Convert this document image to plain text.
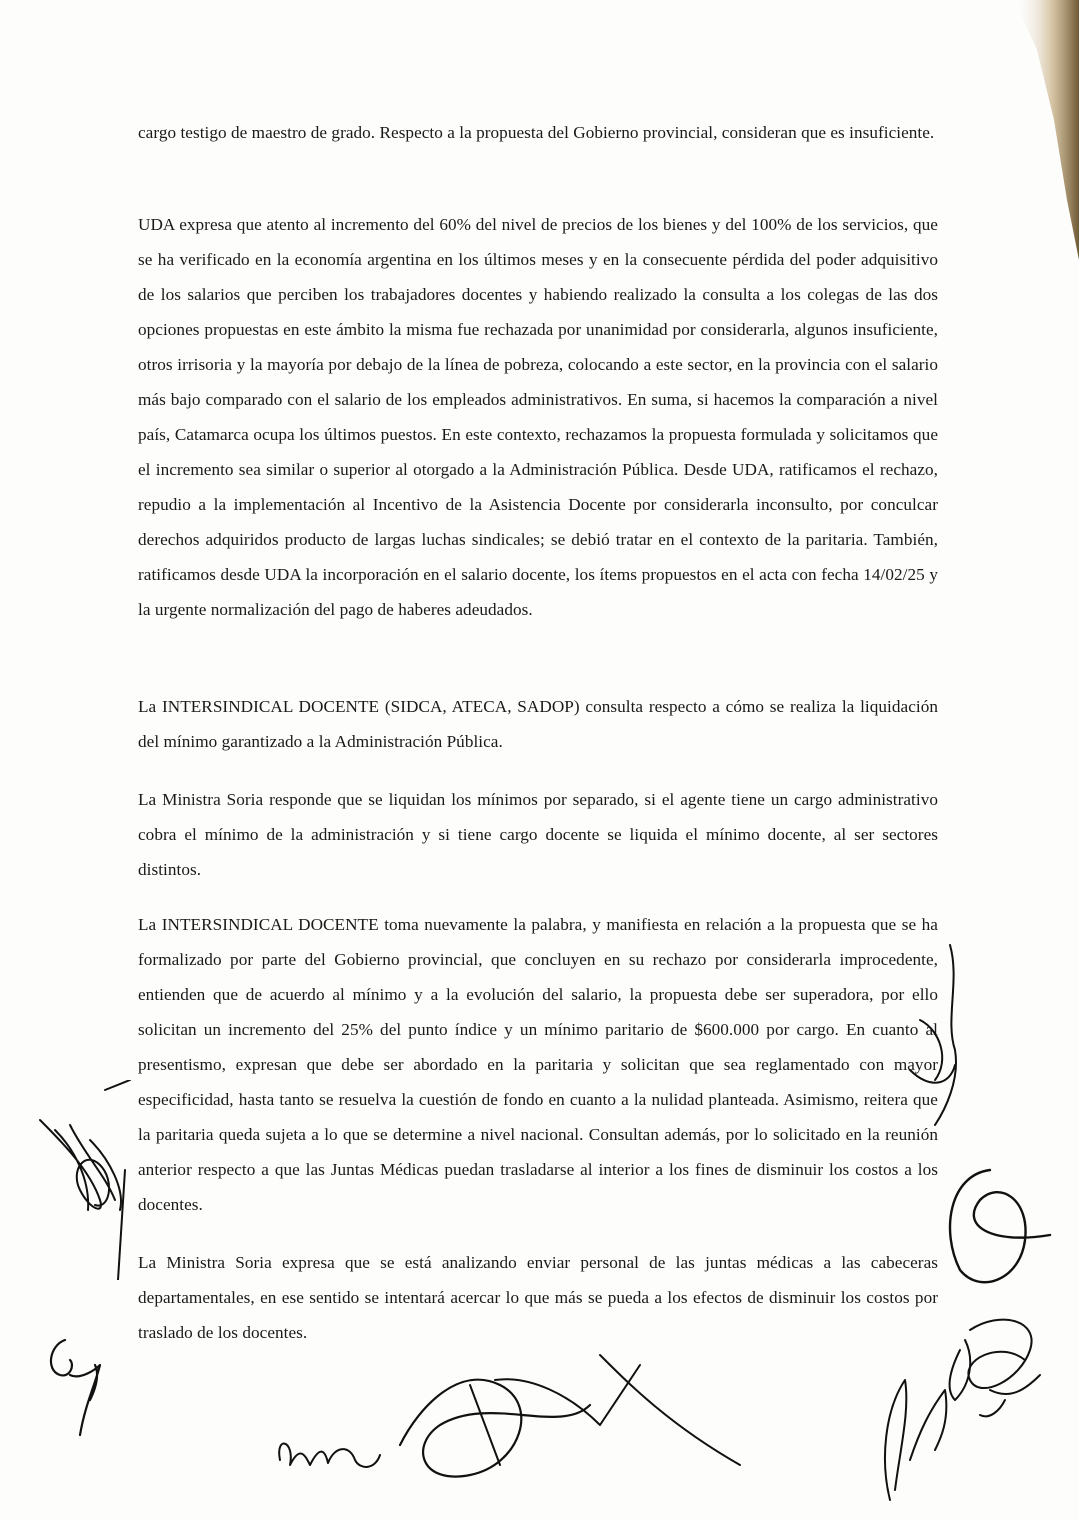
cargo testigo de maestro de grado. Respecto a la propuesta del Gobierno provincial, consideran que es insuficiente.
UDA expresa que atento al incremento del 60% del nivel de precios de los bienes y del 100% de los servicios, que se ha verificado en la economía argentina en los últimos meses y en la consecuente pérdida del poder adquisitivo de los salarios que perciben los trabajadores docentes y habiendo realizado la consulta a los colegas de las dos opciones propuestas en este ámbito la misma fue rechazada por unanimidad por considerarla, algunos insuficiente, otros irrisoria y la mayoría por debajo de la línea de pobreza, colocando a este sector, en la provincia con el salario más bajo comparado con el salario de los empleados administrativos. En suma, si hacemos la comparación a nivel país, Catamarca ocupa los últimos puestos. En este contexto, rechazamos la propuesta formulada y solicitamos que el incremento sea similar o superior al otorgado a la Administración Pública. Desde UDA, ratificamos el rechazo, repudio a la implementación al Incentivo de la Asistencia Docente por considerarla inconsulto, por conculcar derechos adquiridos producto de largas luchas sindicales; se debió tratar en el contexto de la paritaria. También, ratificamos desde UDA la incorporación en el salario docente, los ítems propuestos en el acta con fecha 14/02/25 y la urgente normalización del pago de haberes adeudados.
La INTERSINDICAL DOCENTE (SIDCA, ATECA, SADOP) consulta respecto a cómo se realiza la liquidación del mínimo garantizado a la Administración Pública.
La Ministra Soria responde que se liquidan los mínimos por separado, si el agente tiene un cargo administrativo cobra el mínimo de la administración y si tiene cargo docente se liquida el mínimo docente, al ser sectores distintos.
La INTERSINDICAL DOCENTE toma nuevamente la palabra, y manifiesta en relación a la propuesta que se ha formalizado por parte del Gobierno provincial, que concluyen en su rechazo por considerarla improcedente, entienden que de acuerdo al mínimo y a la evolución del salario, la propuesta debe ser superadora, por ello solicitan un incremento del 25% del punto índice y un mínimo paritario de $600.000 por cargo. En cuanto al presentismo, expresan que debe ser abordado en la paritaria y solicitan que sea reglamentado con mayor especificidad, hasta tanto se resuelva la cuestión de fondo en cuanto a la nulidad planteada. Asimismo, reitera que la paritaria queda sujeta a lo que se determine a nivel nacional. Consultan además, por lo solicitado en la reunión anterior respecto a que las Juntas Médicas puedan trasladarse al interior a los fines de disminuir los costos a los docentes.
La Ministra Soria expresa que se está analizando enviar personal de las juntas médicas a las cabeceras departamentales, en ese sentido se intentará acercar lo que más se pueda a los efectos de disminuir los costos por traslado de los docentes.
